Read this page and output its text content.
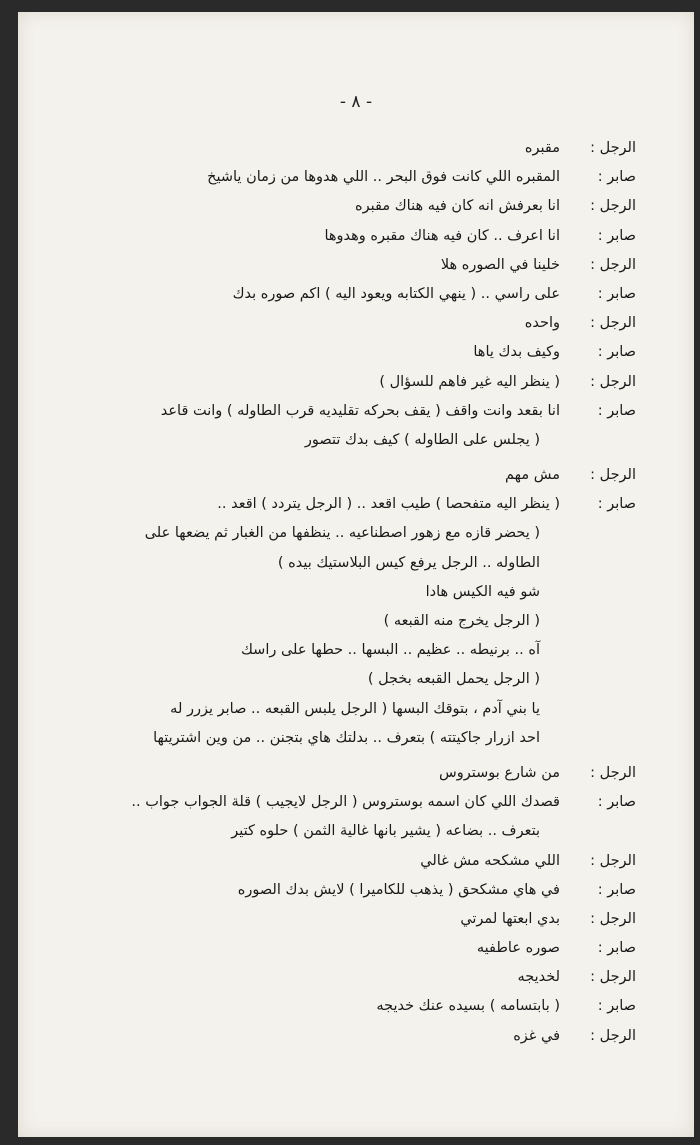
- ٨ -
الرجل :
مقبره
صابر :
المقبره اللي كانت فوق البحر .. اللي هدوها من زمان ياشيخ
الرجل :
انا بعرفش انه كان فيه هناك مقبره
صابر :
انا اعرف .. كان فيه هناك مقبره وهدوها
الرجل :
خلينا في الصوره هلا
صابر :
على راسي .. ( ينهي الكتابه ويعود اليه ) اكم صوره بدك
الرجل :
واحده
صابر :
وكيف بدك ياها
الرجل :
( ينظر اليه غير فاهم للسؤال )
صابر :
انا بقعد وانت واقف ( يقف بحركه تقليديه قرب الطاوله ) وانت قاعد
( يجلس على الطاوله ) كيف بدك تتصور
الرجل :
مش مهم
صابر :
( ينظر اليه متفحصا ) طيب اقعد .. ( الرجل يتردد ) اقعد ..
( يحضر قازه مع زهور اصطناعيه .. ينظفها من الغبار ثم يضعها على
الطاوله .. الرجل يرفع كيس البلاستيك بيده )
شو فيه الكيس هادا
( الرجل يخرج منه القبعه )
آه .. برنيطه .. عظيم .. البسها .. حطها على راسك
( الرجل يحمل القبعه بخجل )
يا بني آدم ، بتوقك البسها ( الرجل يلبس القبعه .. صابر يزرر له
احد ازرار جاكيتته ) بتعرف .. بدلتك هاي بتجنن .. من وين اشتريتها
الرجل :
من شارع بوستروس
صابر :
قصدك اللي كان اسمه بوستروس ( الرجل لايجيب ) قلة الجواب جواب ..
بتعرف .. بضاعه ( يشير بانها غالية الثمن ) حلوه كتير
الرجل :
اللي مشكحه مش غالي
صابر :
في هاي مشكحق ( يذهب للكاميرا ) لايش بدك الصوره
الرجل :
بدي ابعتها لمرتي
صابر :
صوره عاطفيه
الرجل :
لخديجه
صابر :
( بابتسامه ) بسيده عنك خديجه
الرجل :
في غزه
